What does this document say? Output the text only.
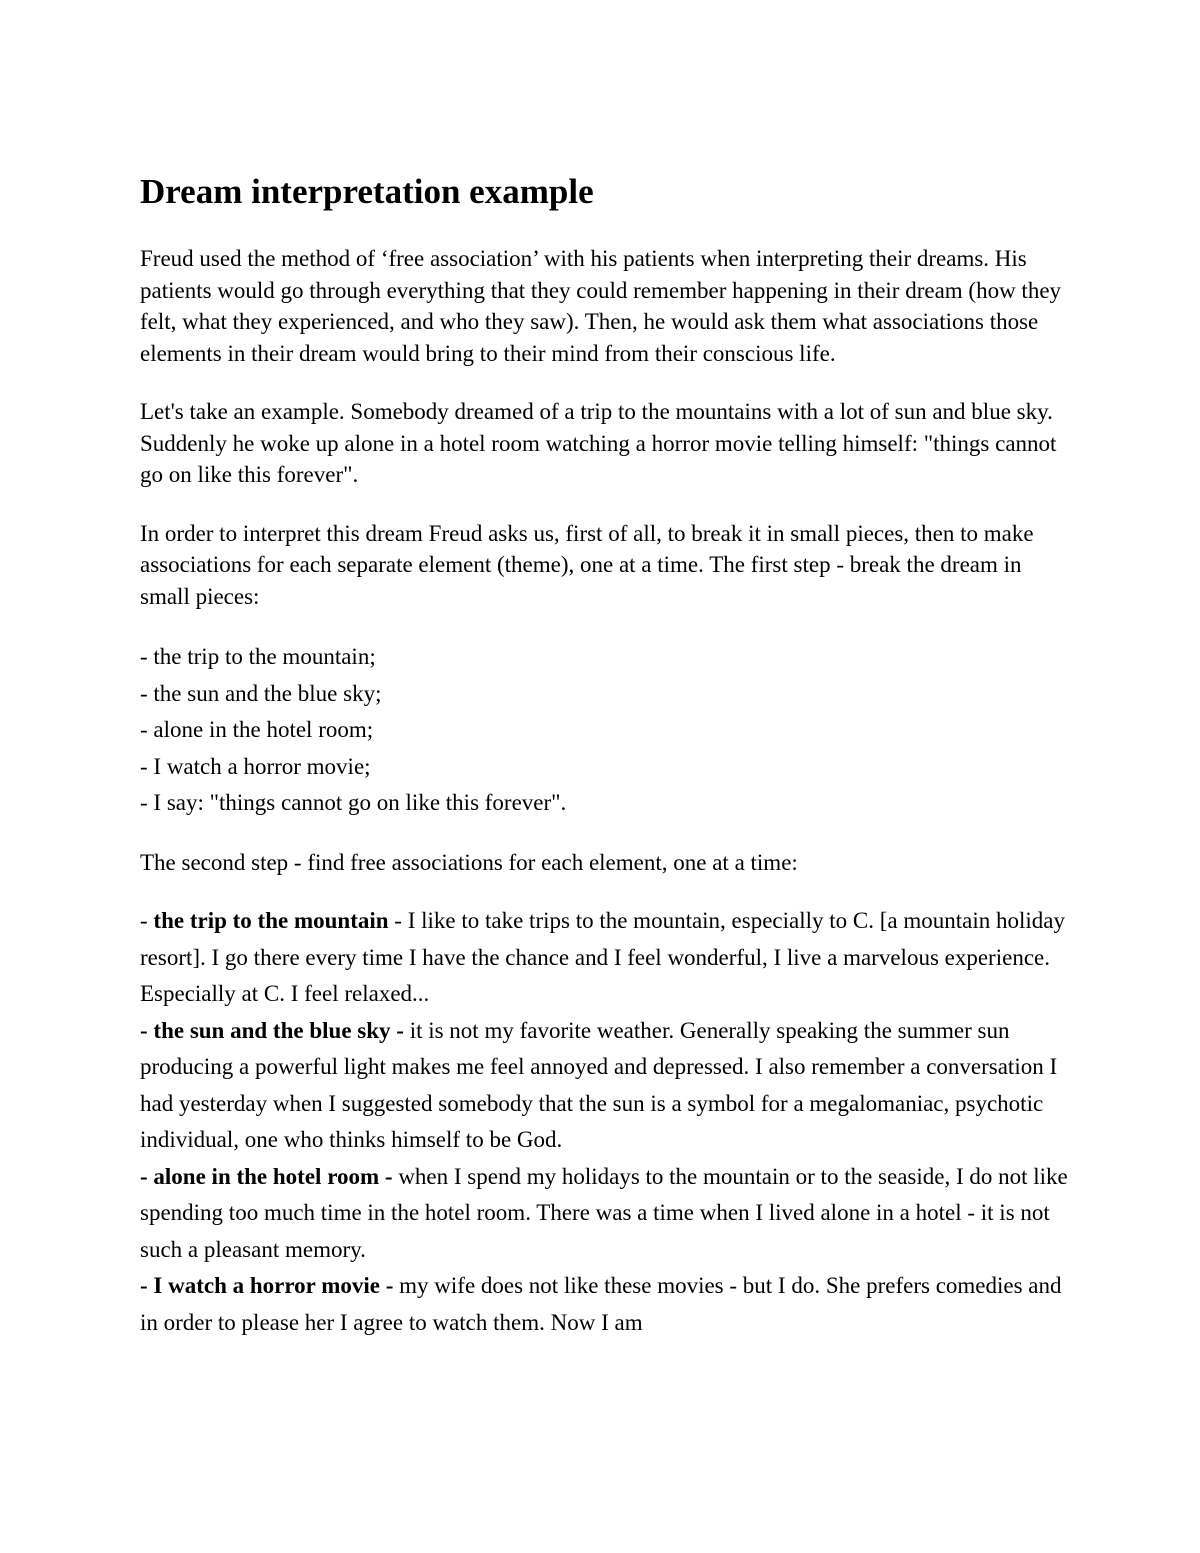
Dream interpretation example

Freud used the method of ‘free association’ with his patients when interpreting their dreams. His patients would go through everything that they could remember happening in their dream (how they felt, what they experienced, and who they saw). Then, he would ask them what associations those elements in their dream would bring to their mind from their conscious life.

Let's take an example. Somebody dreamed of a trip to the mountains with a lot of sun and blue sky. Suddenly he woke up alone in a hotel room watching a horror movie telling himself: "things cannot go on like this forever".

In order to interpret this dream Freud asks us, first of all, to break it in small pieces, then to make associations for each separate element (theme), one at a time. The first step - break the dream in small pieces:

- the trip to the mountain;
- the sun and the blue sky;
- alone in the hotel room;
- I watch a horror movie;
- I say: "things cannot go on like this forever".

The second step - find free associations for each element, one at a time:

- the trip to the mountain - I like to take trips to the mountain, especially to C. [a mountain holiday resort]. I go there every time I have the chance and I feel wonderful, I live a marvelous experience. Especially at C. I feel relaxed...

- the sun and the blue sky - it is not my favorite weather. Generally speaking the summer sun producing a powerful light makes me feel annoyed and depressed. I also remember a conversation I had yesterday when I suggested somebody that the sun is a symbol for a megalomaniac, psychotic individual, one who thinks himself to be God.

- alone in the hotel room - when I spend my holidays to the mountain or to the seaside, I do not like spending too much time in the hotel room. There was a time when I lived alone in a hotel - it is not such a pleasant memory.

- I watch a horror movie - my wife does not like these movies - but I do. She prefers comedies and in order to please her I agree to watch them. Now I am
